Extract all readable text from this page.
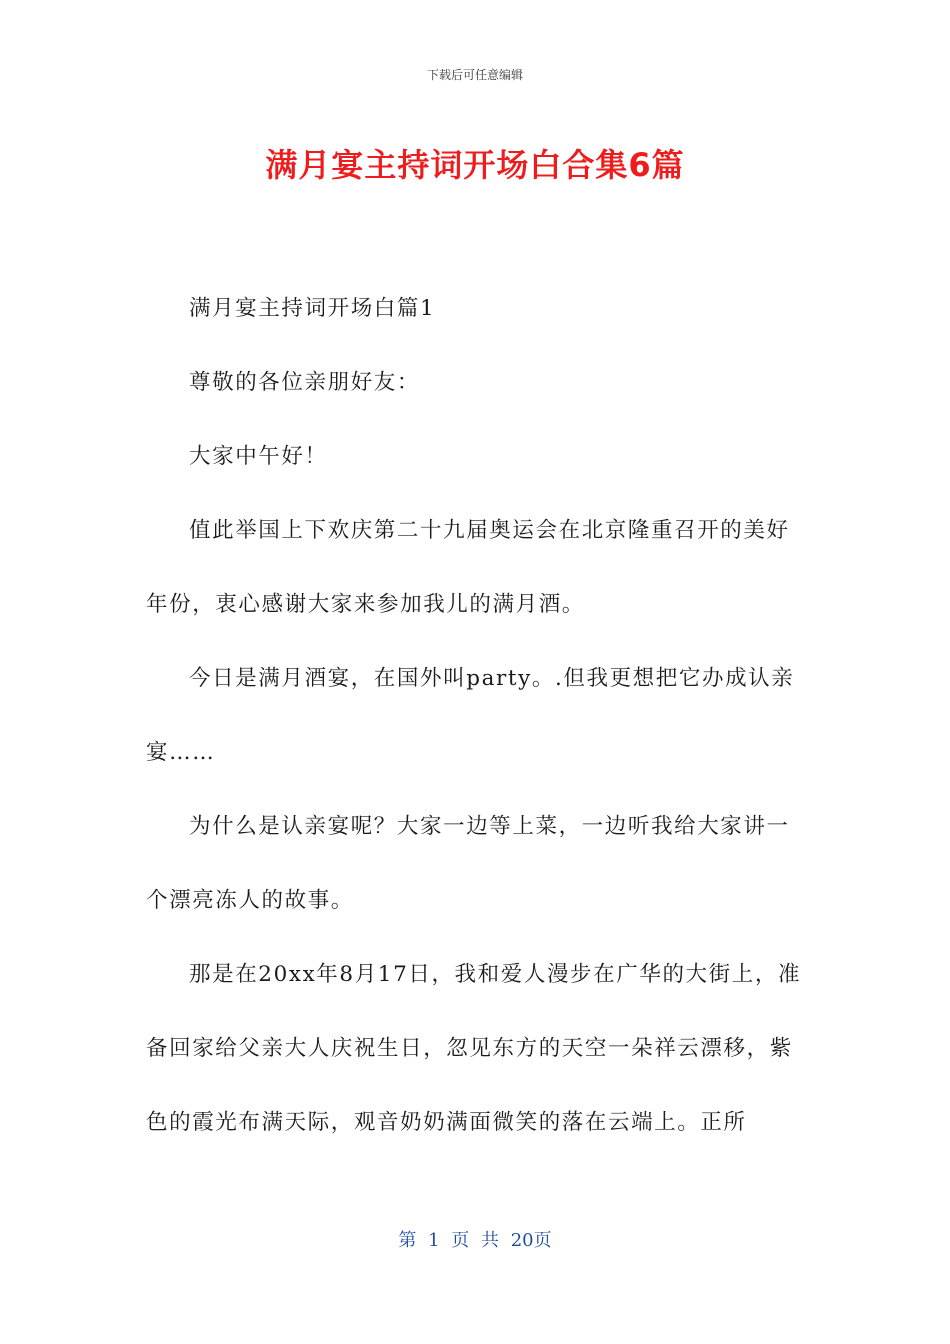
下载后可任意编辑
满月宴主持词开场白合集6篇

满月宴主持词开场白篇1

尊敬的各位亲朋好友：

大家中午好！

值此举国上下欢庆第二十九届奥运会在北京隆重召开的美好年份，衷心感谢大家来参加我儿的满月酒。

今日是满月酒宴，在国外叫party。.但我更想把它办成认亲宴……

为什么是认亲宴呢？大家一边等上菜，一边听我给大家讲一个漂亮冻人的故事。

那是在20xx年8月17日，我和爱人漫步在广华的大街上，准备回家给父亲大人庆祝生日，忽见东方的天空一朵祥云漂移，紫色的霞光布满天际，观音奶奶满面微笑的落在云端上。正所

第 1 页 共 20页
